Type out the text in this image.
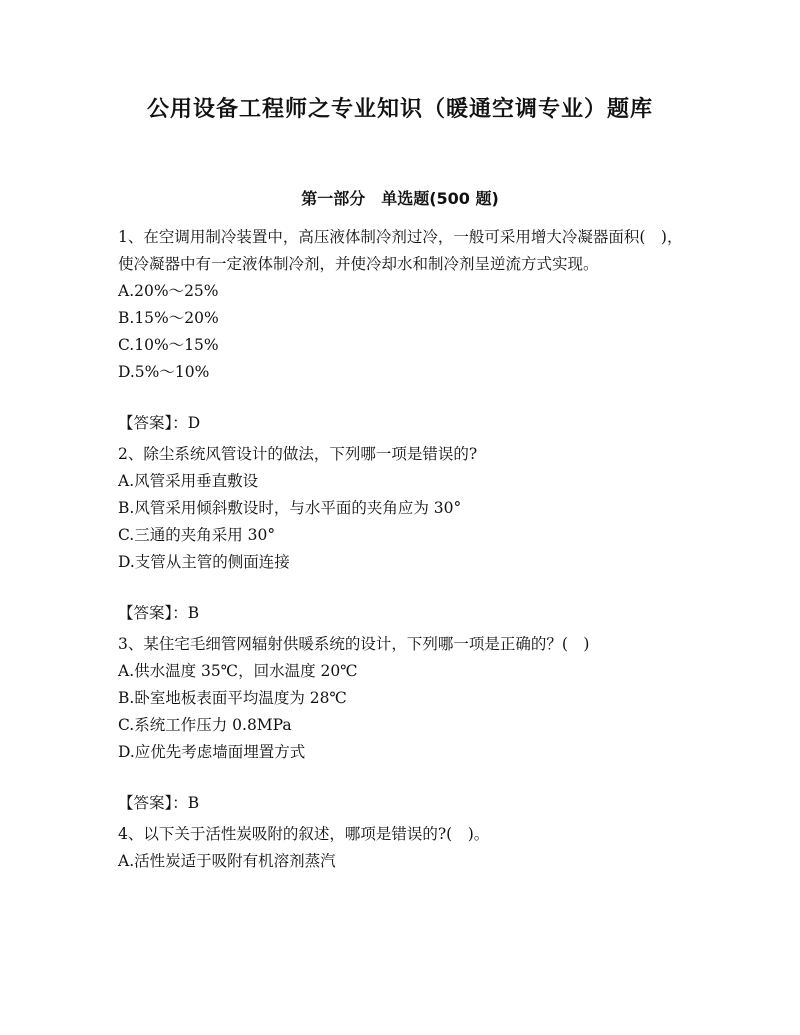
公用设备工程师之专业知识（暖通空调专业）题库
第一部分　单选题(500 题)

1、在空调用制冷装置中，高压液体制冷剂过冷，一般可采用增大冷凝器面积(　)，使冷凝器中有一定液体制冷剂，并使冷却水和制冷剂呈逆流方式实现。

A.20%～25%

B.15%～20%

C.10%～15%

D.5%～10%

【答案】：D

2、除尘系统风管设计的做法，下列哪一项是错误的?

A.风管采用垂直敷设

B.风管采用倾斜敷设时，与水平面的夹角应为 30°

C.三通的夹角采用 30°

D.支管从主管的侧面连接

【答案】：B

3、某住宅毛细管网辐射供暖系统的设计，下列哪一项是正确的？(　)

A.供水温度 35℃，回水温度 20℃

B.卧室地板表面平均温度为 28℃

C.系统工作压力 0.8MPa

D.应优先考虑墙面埋置方式

【答案】：B

4、以下关于活性炭吸附的叙述，哪项是错误的?(　)。

A.活性炭适于吸附有机溶剂蒸汽
